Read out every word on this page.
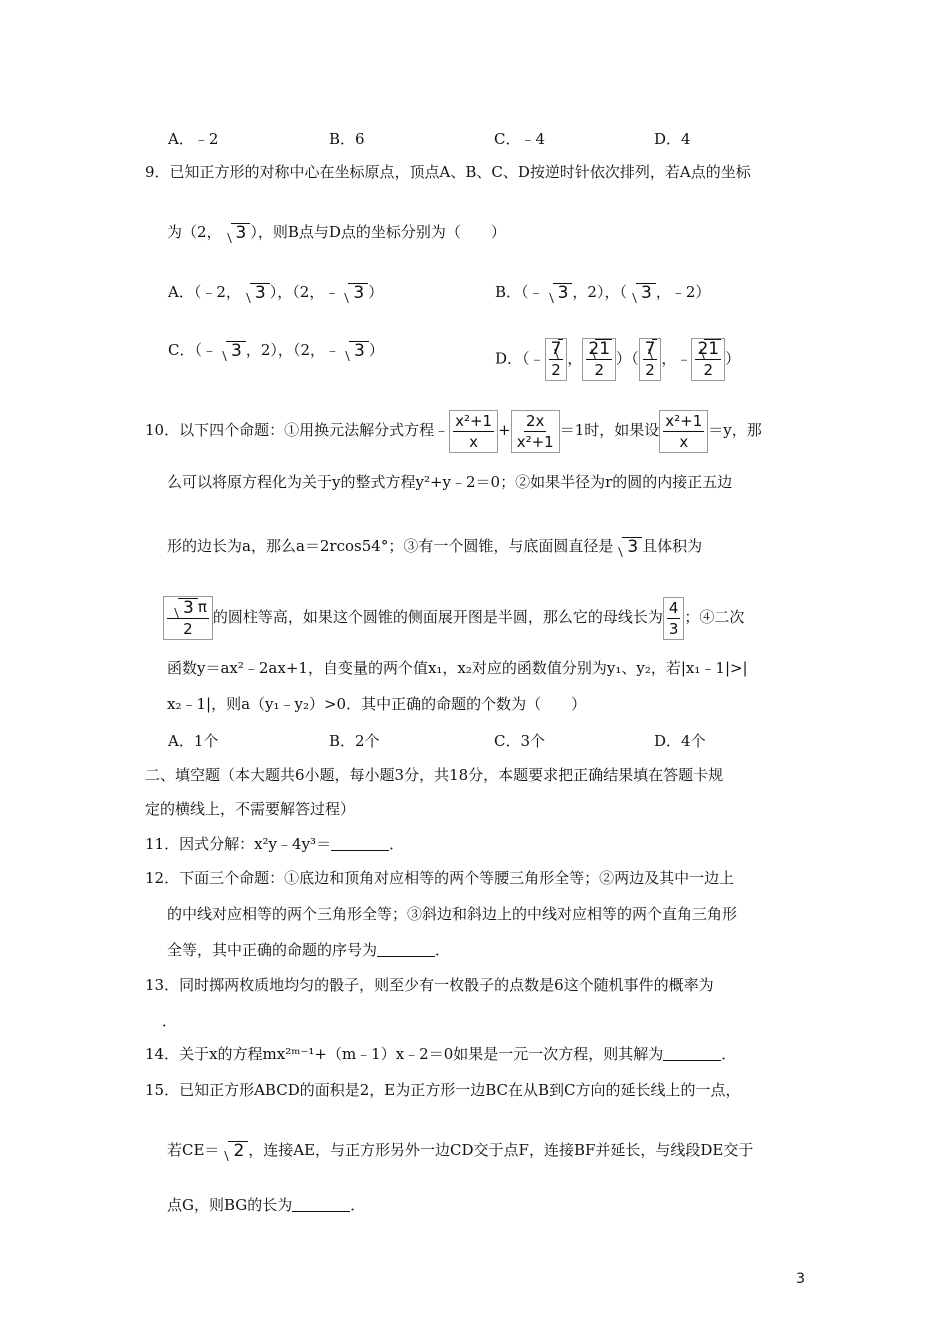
A．﹣2	B．6	C．﹣4	D．4
9．已知正方形的对称中心在坐标原点，顶点A、B、C、D按逆时针依次排列，若A点的坐标
为（2， 3 ），则B点与D点的坐标分别为（　　）
A．（﹣2， 3 ），（2，﹣ 3 ）	B．（﹣ 3 ，2），（ 3 ，﹣2）
C．（﹣ 3 ，2），（2，﹣ 3 ）	D．（﹣ $\frac{7}{2}$ ， $\frac{21}{2}$ ）（ $\frac{7}{2}$ ，﹣ $\frac{21}{2}$ ）
10．以下四个命题：①用换元法解分式方程﹣ $\frac{\text{x²+1}}{x} + \frac{2x}{\text{x²+1}} =1$时，如果设 $\frac{\text{x²+1}}{x} =y$，那
么可以将原方程化为关于y的整式方程y²+y﹣2＝0；②如果半径为r的圆的内接正五边
形的边长为a，那么a＝2rcos54°；③有一个圆锥，与底面圆直径是 3 且体积为
$\frac{3 \pi}{2}$ 的圆柱等高，如果这个圆锥的侧面展开图是半圆，那么它的母线长为 $\frac{4}{3}$ ；④二次
函数y＝ax²﹣2ax+1，自变量的两个值x₁，x₂对应的函数值分别为y₁、y₂，若|x₁﹣1|>|
x₂﹣1|，则a（y₁﹣y₂）>0．其中正确的命题的个数为（　　）
A．1个	B．2个	C．3个	D．4个
二、填空题（本大题共6小题，每小题3分，共18分，本题要求把正确结果填在答题卡规
定的横线上，不需要解答过程）
11．因式分解：x²y﹣4y³＝	．
12．下面三个命题：①底边和顶角对应相等的两个等腰三角形全等；②两边及其中一边上
的中线对应相等的两个三角形全等；③斜边和斜边上的中线对应相等的两个直角三角形
全等，其中正确的命题的序号为	．
13．同时掷两枚质地均匀的骰子，则至少有一枚骰子的点数是6这个随机事件的概率为
．
14．关于x的方程mx²ᵐ⁻¹+（m﹣1）x﹣2＝0如果是一元一次方程，则其解为	．
15．已知正方形ABCD的面积是2，E为正方形一边BC在从B到C方向的延长线上的一点，
若CE＝ 2 ，连接AE，与正方形另外一边CD交于点F，连接BF并延长，与线段DE交于
点G，则BG的长为	．
3
